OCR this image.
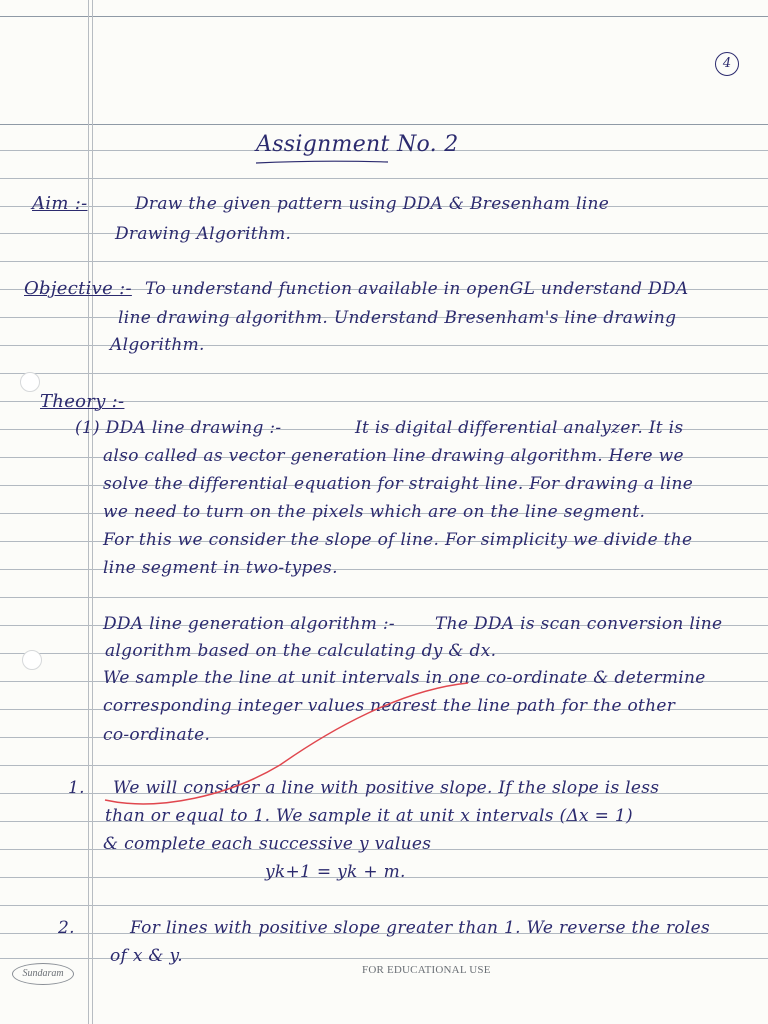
4
Assignment No. 2
Aim :-	Draw the given pattern using DDA & Bresenham line
Drawing Algorithm.
Objective :- To understand function available in openGL understand DDA
line drawing algorithm. Understand Bresenham's line drawing
Algorithm.
Theory :-
(1) DDA line drawing :-	It is digital differential analyzer. It is
also called as vector generation line drawing algorithm. Here we
solve the differential equation for straight line. For drawing a line
we need to turn on the pixels which are on the line segment.
For this we consider the slope of line. For simplicity we divide the
line segment in two-types.
DDA line generation algorithm :- The DDA is scan conversion line
algorithm based on the calculating dy & dx.
We sample the line at unit intervals in one co-ordinate & determine
corresponding integer values nearest the line path for the other
co-ordinate.
1. We will consider a line with positive slope. If the slope is less
than or equal to 1. We sample it at unit x intervals (Δx = 1)
& complete each successive y values
yk+1 = yk + m.
2.	For lines with positive slope greater than 1. We reverse the roles
of x & y.
Sundaram	FOR EDUCATIONAL USE
